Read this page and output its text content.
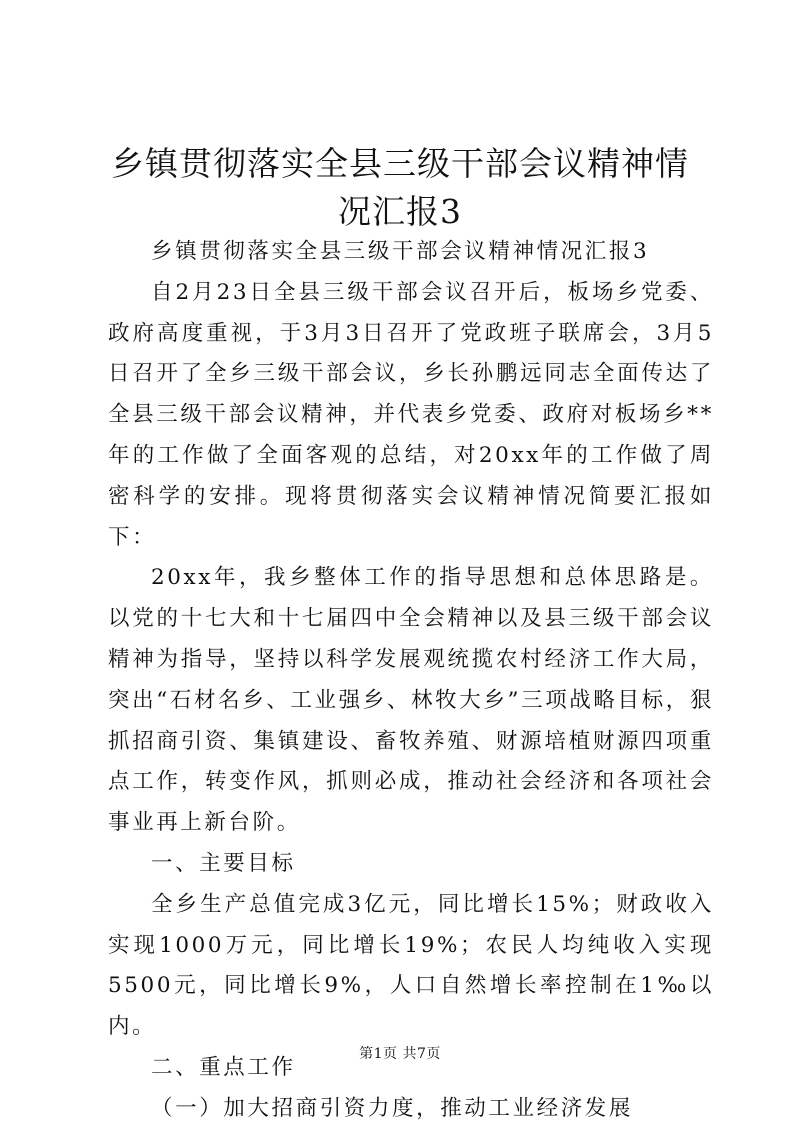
乡镇贯彻落实全县三级干部会议精神情况汇报3

乡镇贯彻落实全县三级干部会议精神情况汇报3

自2月23日全县三级干部会议召开后，板场乡党委、政府高度重视，于3月3日召开了党政班子联席会，3月5日召开了全乡三级干部会议，乡长孙鹏远同志全面传达了全县三级干部会议精神，并代表乡党委、政府对板场乡**年的工作做了全面客观的总结，对20xx年的工作做了周密科学的安排。现将贯彻落实会议精神情况简要汇报如下：

20xx年，我乡整体工作的指导思想和总体思路是。以党的十七大和十七届四中全会精神以及县三级干部会议精神为指导，坚持以科学发展观统揽农村经济工作大局，突出“石材名乡、工业强乡、林牧大乡”三项战略目标，狠抓招商引资、集镇建设、畜牧养殖、财源培植财源四项重点工作，转变作风，抓则必成，推动社会经济和各项社会事业再上新台阶。

一、主要目标

全乡生产总值完成3亿元，同比增长15%；财政收入实现1000万元，同比增长19%；农民人均纯收入实现5500元，同比增长9%，人口自然增长率控制在1‰以内。

二、重点工作

（一）加大招商引资力度，推动工业经济发展

第1页 共7页
